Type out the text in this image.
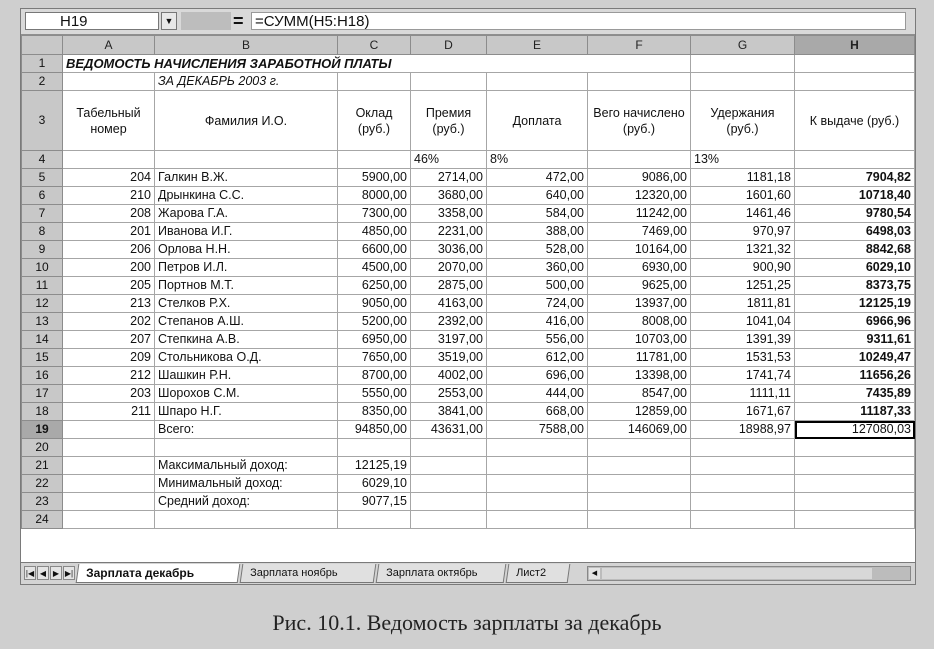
H19	▼	= =СУММ(H5:H18)
	A	B	C	D	E	F	G	H
1	ВЕДОМОСТЬ НАЧИСЛЕНИЯ ЗАРАБОТНОЙ ПЛАТЫ							
2		ЗА ДЕКАБРЬ 2003 г.						
3	Табельный номер	Фамилия И.О.	Оклад (руб.)	Премия (руб.)	Доплата	Вего начислено (руб.)	Удержания (руб.)	К выдаче (руб.)
4				46%	8%		13%	
5	204	Галкин В.Ж.	5900,00	2714,00	472,00	9086,00	1181,18	7904,82
6	210	Дрынкина С.С.	8000,00	3680,00	640,00	12320,00	1601,60	10718,40
7	208	Жарова Г.А.	7300,00	3358,00	584,00	11242,00	1461,46	9780,54
8	201	Иванова И.Г.	4850,00	2231,00	388,00	7469,00	970,97	6498,03
9	206	Орлова Н.Н.	6600,00	3036,00	528,00	10164,00	1321,32	8842,68
10	200	Петров И.Л.	4500,00	2070,00	360,00	6930,00	900,90	6029,10
11	205	Портнов М.Т.	6250,00	2875,00	500,00	9625,00	1251,25	8373,75
12	213	Стелков Р.Х.	9050,00	4163,00	724,00	13937,00	1811,81	12125,19
13	202	Степанов А.Ш.	5200,00	2392,00	416,00	8008,00	1041,04	6966,96
14	207	Степкина А.В.	6950,00	3197,00	556,00	10703,00	1391,39	9311,61
15	209	Стольникова О.Д.	7650,00	3519,00	612,00	11781,00	1531,53	10249,47
16	212	Шашкин Р.Н.	8700,00	4002,00	696,00	13398,00	1741,74	11656,26
17	203	Шорохов С.М.	5550,00	2553,00	444,00	8547,00	1111,11	7435,89
18	211	Шпаро Н.Г.	8350,00	3841,00	668,00	12859,00	1671,67	11187,33
19		Всего:	94850,00	43631,00	7588,00	146069,00	18988,97	127080,03
20								
21		Максимальный доход:	12125,19					
22		Минимальный доход:	6029,10					
23		Средний доход:	9077,15					
24								
|◀ ◀ ▶ ▶|	Зарплата декабрь	Зарплата ноябрь	Зарплата октябрь	Лист2	◀
Рис. 10.1. Ведомость зарплаты за декабрь
